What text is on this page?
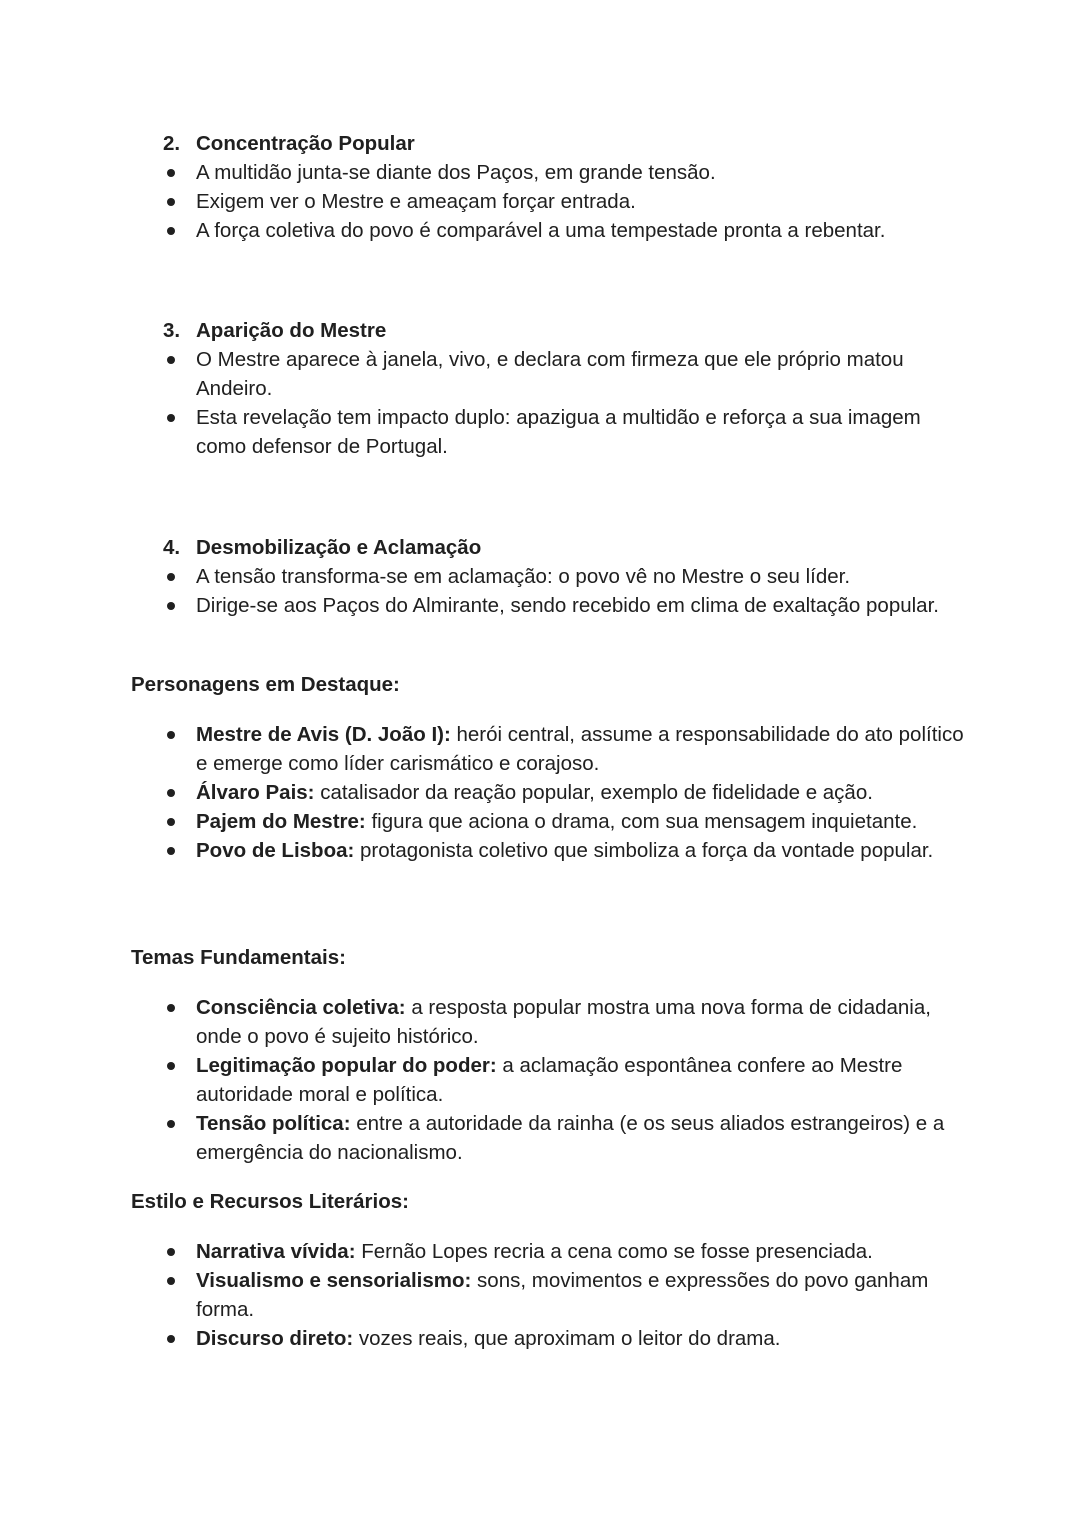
2. Concentração Popular
A multidão junta-se diante dos Paços, em grande tensão.
Exigem ver o Mestre e ameaçam forçar entrada.
A força coletiva do povo é comparável a uma tempestade pronta a rebentar.
3. Aparição do Mestre
O Mestre aparece à janela, vivo, e declara com firmeza que ele próprio matou Andeiro.
Esta revelação tem impacto duplo: apazigua a multidão e reforça a sua imagem como defensor de Portugal.
4. Desmobilização e Aclamação
A tensão transforma-se em aclamação: o povo vê no Mestre o seu líder.
Dirige-se aos Paços do Almirante, sendo recebido em clima de exaltação popular.
Personagens em Destaque:
Mestre de Avis (D. João I): herói central, assume a responsabilidade do ato político e emerge como líder carismático e corajoso.
Álvaro Pais: catalisador da reação popular, exemplo de fidelidade e ação.
Pajem do Mestre: figura que aciona o drama, com sua mensagem inquietante.
Povo de Lisboa: protagonista coletivo que simboliza a força da vontade popular.
Temas Fundamentais:
Consciência coletiva: a resposta popular mostra uma nova forma de cidadania, onde o povo é sujeito histórico.
Legitimação popular do poder: a aclamação espontânea confere ao Mestre autoridade moral e política.
Tensão política: entre a autoridade da rainha (e os seus aliados estrangeiros) e a emergência do nacionalismo.
Estilo e Recursos Literários:
Narrativa vívida: Fernão Lopes recria a cena como se fosse presenciada.
Visualismo e sensorialismo: sons, movimentos e expressões do povo ganham forma.
Discurso direto: vozes reais, que aproximam o leitor do drama.
